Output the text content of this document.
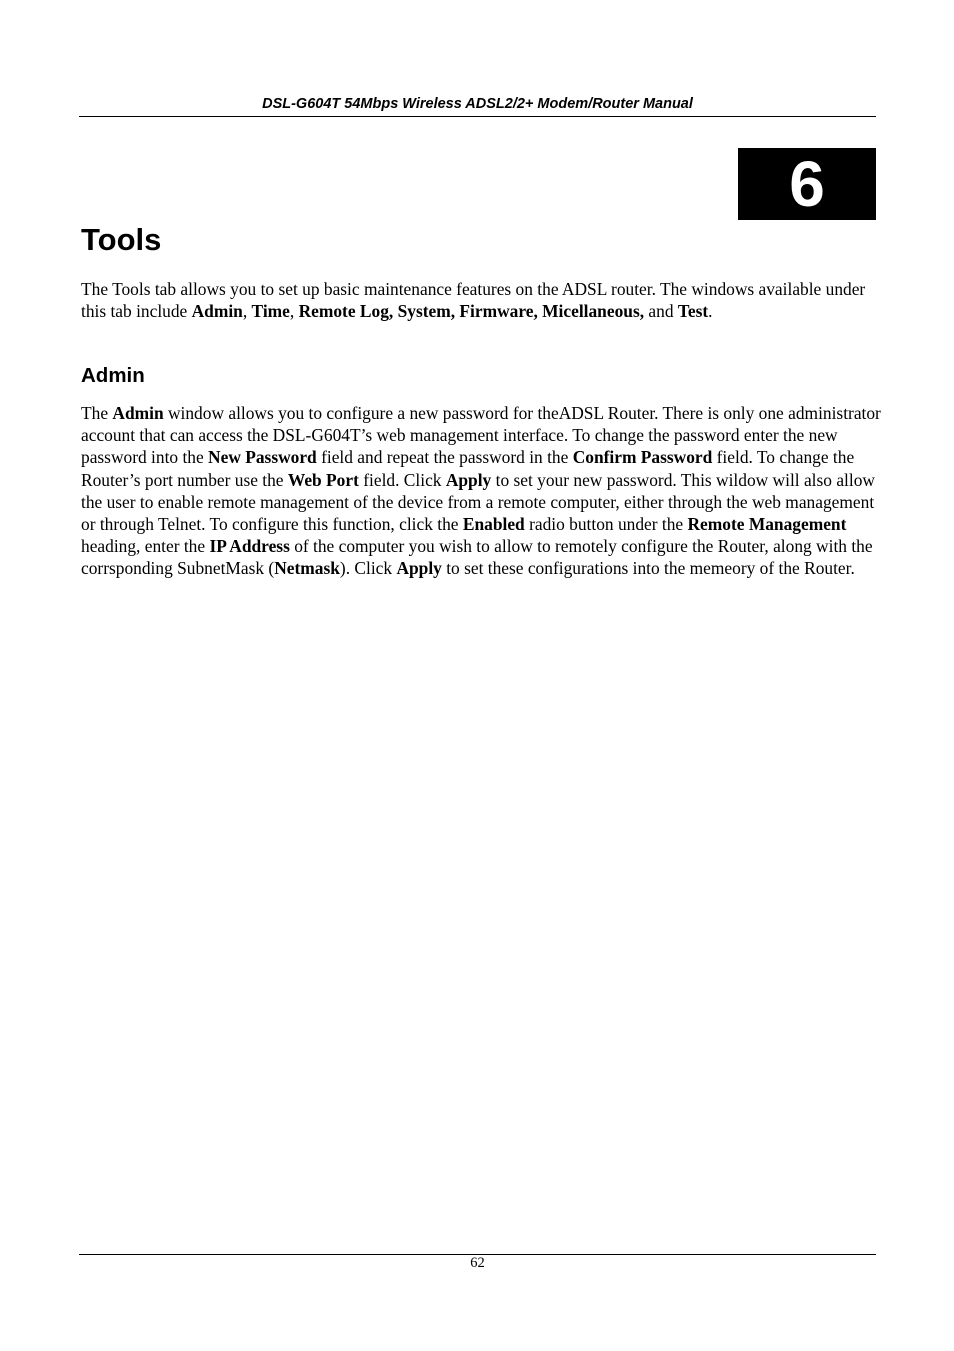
DSL-G604T 54Mbps Wireless ADSL2/2+ Modem/Router Manual
6
Tools

The Tools tab allows you to set up basic maintenance features on the ADSL router. The windows available under this tab include Admin, Time, Remote Log, System, Firmware, Micellaneous, and Test.

Admin

The Admin window allows you to configure a new password for theADSL Router. There is only one administrator account that can access the DSL-G604T’s web management interface. To change the password enter the new password into the New Password field and repeat the password in the Confirm Password field. To change the Router’s port number use the Web Port field. Click Apply to set your new password. This wildow will also allow the user to enable remote management of the device from a remote computer, either through the web management or through Telnet. To configure this function, click the Enabled radio button under the Remote Management heading, enter the IP Address of the computer you wish to allow to remotely configure the Router, along with the corrsponding SubnetMask (Netmask). Click Apply to set these configurations into the memeory of the Router.

62
